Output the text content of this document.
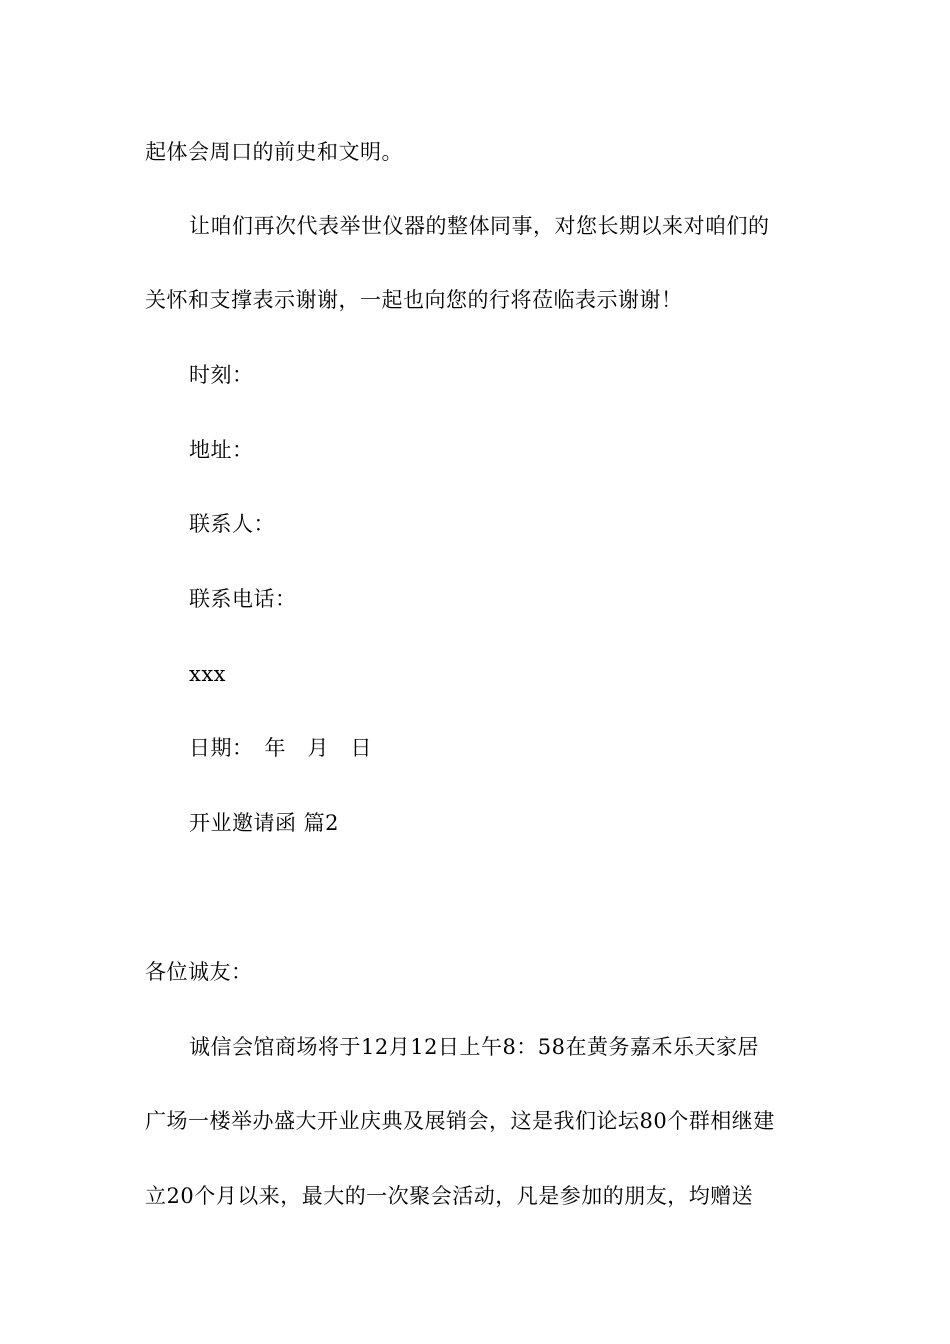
起体会周口的前史和文明。
让咱们再次代表举世仪器的整体同事，对您长期以来对咱们的
关怀和支撑表示谢谢，一起也向您的行将莅临表示谢谢！
时刻：
地址：
联系人：
联系电话：
xxx
日期：　年　月　日
开业邀请函 篇2
各位诚友：
诚信会馆商场将于12月12日上午8：58在黄务嘉禾乐天家居
广场一楼举办盛大开业庆典及展销会，这是我们论坛80个群相继建
立20个月以来，最大的一次聚会活动，凡是参加的朋友，均赠送
